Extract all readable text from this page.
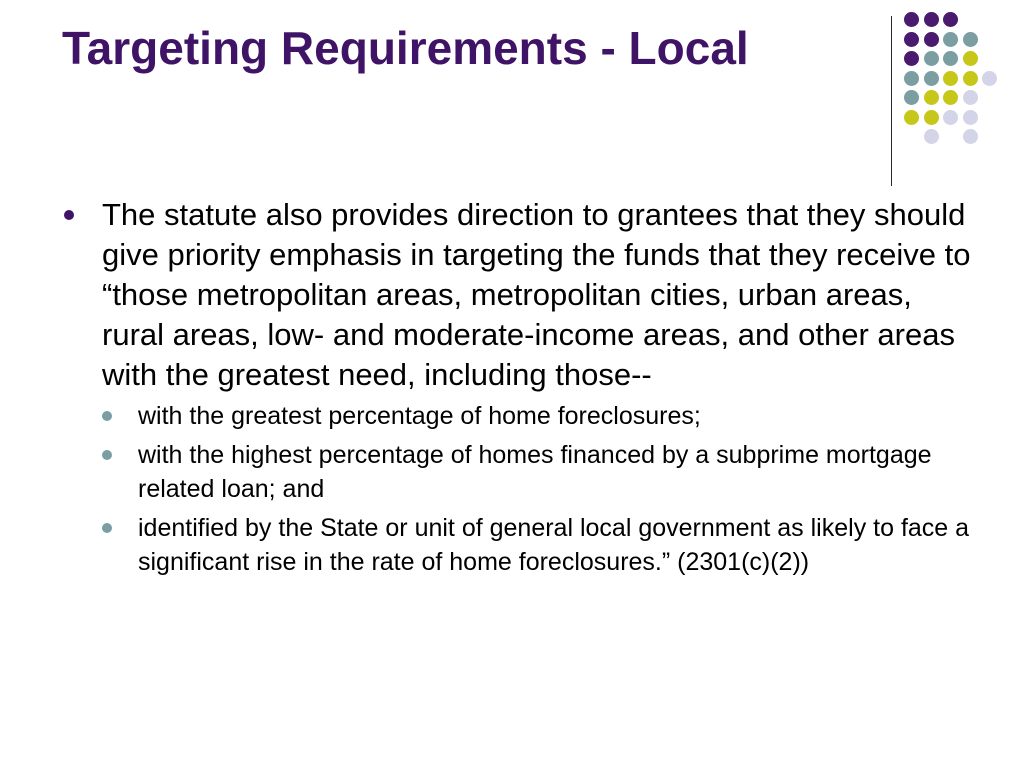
Targeting Requirements - Local
The statute also provides direction to grantees that they should give priority emphasis in targeting the funds that they receive to “those metropolitan areas, metropolitan cities, urban areas, rural areas, low- and moderate-income areas, and other areas with the greatest need, including those--
with the greatest percentage of home foreclosures;
with the highest percentage of homes financed by a subprime mortgage related loan; and
identified by the State or unit of general local government as likely to face a significant rise in the rate of home foreclosures.” (2301(c)(2))
